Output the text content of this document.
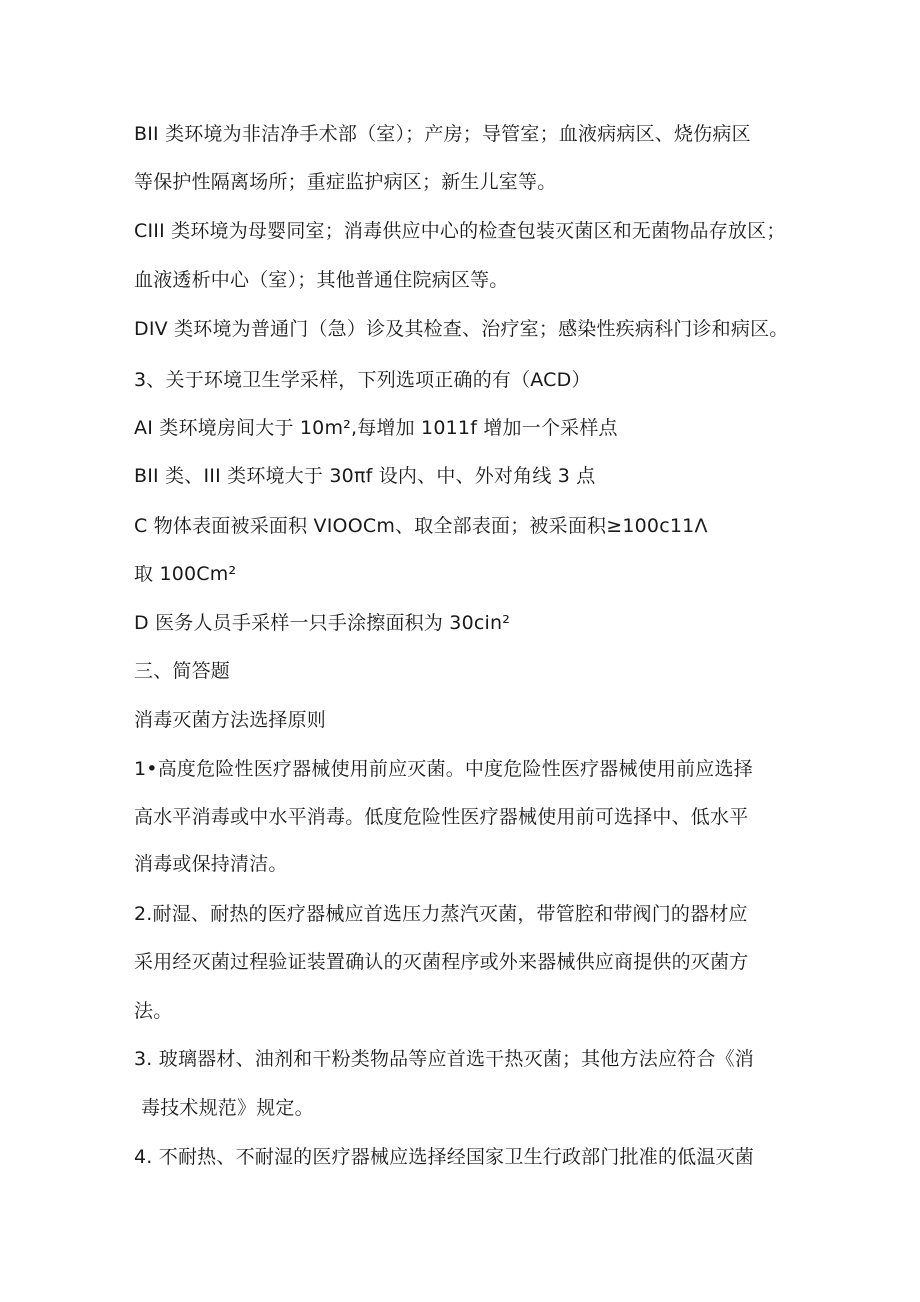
BII 类环境为非洁净手术部（室）；产房；导管室；血液病病区、烧伤病区
等保护性隔离场所；重症监护病区；新生儿室等。
CIII 类环境为母婴同室；消毒供应中心的检查包装灭菌区和无菌物品存放区；
血液透析中心（室）；其他普通住院病区等。
DIV 类环境为普通门（急）诊及其检查、治疗室；感染性疾病科门诊和病区。
3、关于环境卫生学采样，下列选项正确的有（ACD）
AI 类环境房间大于 10m²,每增加 1011f 增加一个采样点
BII 类、III 类环境大于 30πf 设内、中、外对角线 3 点
C 物体表面被采面积 VIOOCm、取全部表面；被采面积≥100c11Λ
取 100Cm²
D 医务人员手采样一只手涂擦面积为 30cin²
三、简答题
消毒灭菌方法选择原则
1•高度危险性医疗器械使用前应灭菌。中度危险性医疗器械使用前应选择
高水平消毒或中水平消毒。低度危险性医疗器械使用前可选择中、低水平
消毒或保持清洁。
2.耐湿、耐热的医疗器械应首选压力蒸汽灭菌，带管腔和带阀门的器材应
采用经灭菌过程验证装置确认的灭菌程序或外来器械供应商提供的灭菌方
法。
3. 玻璃器材、油剂和干粉类物品等应首选干热灭菌；其他方法应符合《消
毒技术规范》规定。
4. 不耐热、不耐湿的医疗器械应选择经国家卫生行政部门批准的低温灭菌
